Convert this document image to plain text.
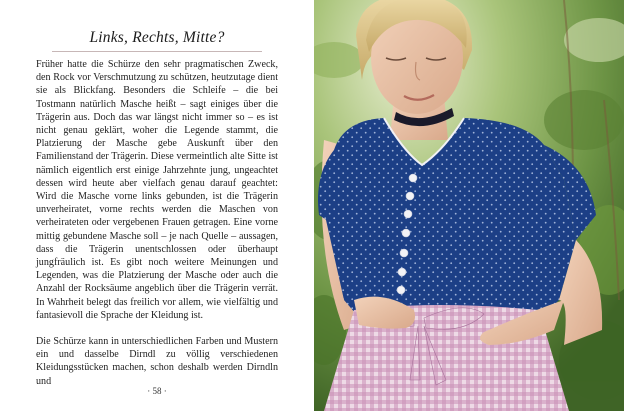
Links, Rechts, Mitte?

Früher hatte die Schürze den sehr pragmatischen Zweck, den Rock vor Verschmutzung zu schützen, heutzutage dient sie als Blickfang. Besonders die Schleife – die bei Tostmann natürlich Masche heißt – sagt einiges über die Trägerin aus. Doch das war längst nicht immer so – es ist nicht genau geklärt, woher die Legende stammt, die Platzierung der Masche gebe Auskunft über den Familienstand der Trägerin. Diese vermeintlich alte Sitte ist nämlich eigentlich erst einige Jahrzehnte jung, ungeachtet dessen wird heute aber vielfach genau darauf geachtet: Wird die Masche vorne links gebunden, ist die Trägerin unverheiratet, vorne rechts werden die Maschen von verheirateten oder vergebenen Frauen getragen. Eine vorne mittig gebundene Masche soll – je nach Quelle – aussagen, dass die Trägerin unentschlossen oder überhaupt jungfräulich ist. Es gibt noch weitere Meinungen und Legenden, was die Platzierung der Masche oder auch die Anzahl der Rocksäume angeblich über die Trägerin verrät. In Wahrheit belegt das freilich vor allem, wie vielfältig und fantasievoll die Sprache der Kleidung ist.

Die Schürze kann in unterschiedlichen Farben und Mustern ein und dasselbe Dirndl zu völlig verschiedenen Kleidungsstücken machen, schon deshalb werden Dirndln und

· 58 ·
